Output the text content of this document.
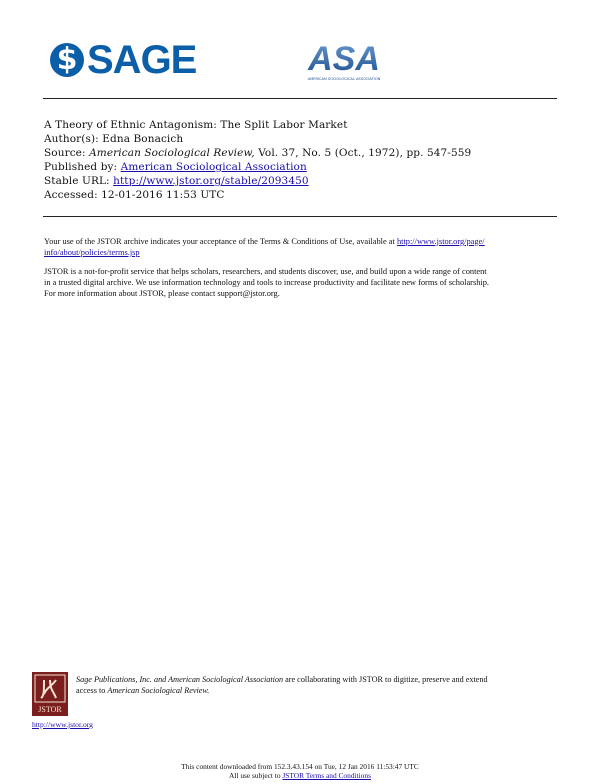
$ SAGE	ASA
AMERICAN SOCIOLOGICAL ASSOCIATION
A Theory of Ethnic Antagonism: The Split Labor Market
Author(s): Edna Bonacich
Source: American Sociological Review, Vol. 37, No. 5 (Oct., 1972), pp. 547-559
Published by: American Sociological Association
Stable URL: http://www.jstor.org/stable/2093450
Accessed: 12-01-2016 11:53 UTC
Your use of the JSTOR archive indicates your acceptance of the Terms & Conditions of Use, available at http://www.jstor.org/page/
info/about/policies/terms.jsp
JSTOR is a not-for-profit service that helps scholars, researchers, and students discover, use, and build upon a wide range of content
in a trusted digital archive. We use information technology and tools to increase productivity and facilitate new forms of scholarship.
For more information about JSTOR, please contact support@jstor.org.
JSTOR
Sage Publications, Inc. and American Sociological Association are collaborating with JSTOR to digitize, preserve and extend
access to American Sociological Review.
http://www.jstor.org
This content downloaded from 152.3.43.154 on Tue, 12 Jan 2016 11:53:47 UTC
All use subject to JSTOR Terms and Conditions
